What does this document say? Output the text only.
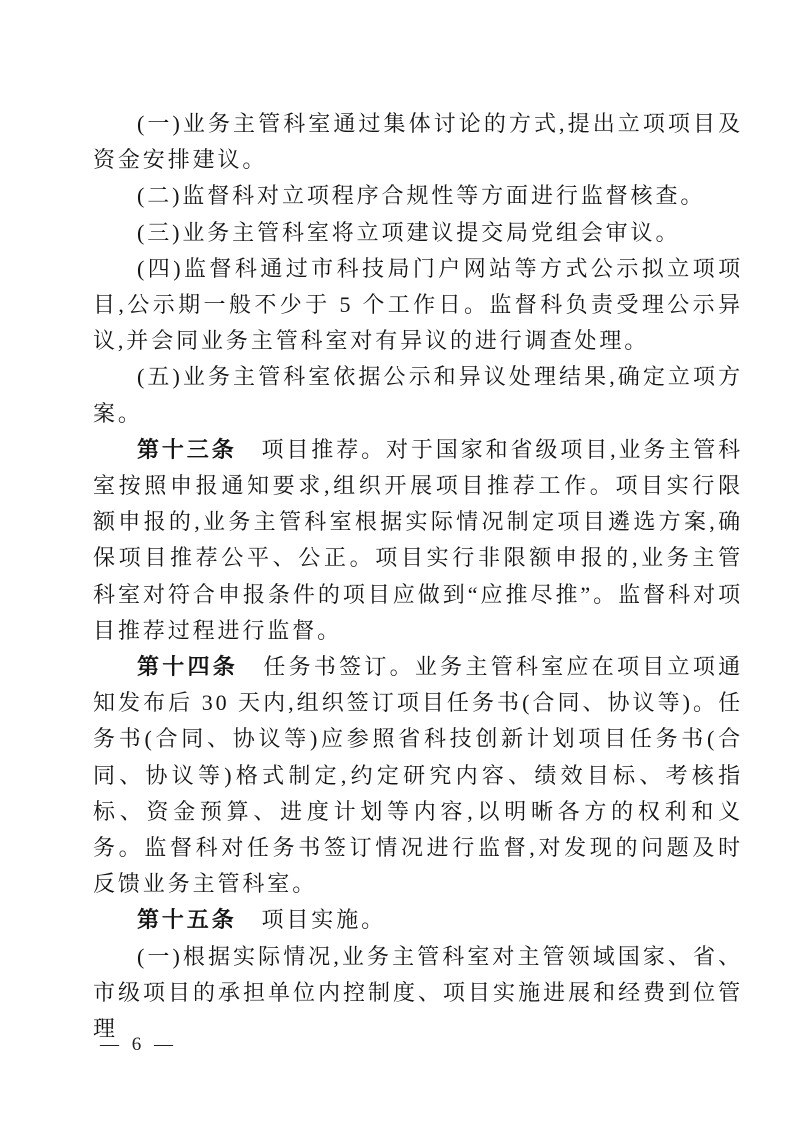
(一)业务主管科室通过集体讨论的方式,提出立项项目及资金安排建议。

(二)监督科对立项程序合规性等方面进行监督核查。

(三)业务主管科室将立项建议提交局党组会审议。

(四)监督科通过市科技局门户网站等方式公示拟立项项目,公示期一般不少于 5 个工作日。监督科负责受理公示异议,并会同业务主管科室对有异议的进行调查处理。

(五)业务主管科室依据公示和异议处理结果,确定立项方案。

第十三条　项目推荐。对于国家和省级项目,业务主管科室按照申报通知要求,组织开展项目推荐工作。项目实行限额申报的,业务主管科室根据实际情况制定项目遴选方案,确保项目推荐公平、公正。项目实行非限额申报的,业务主管科室对符合申报条件的项目应做到“应推尽推”。监督科对项目推荐过程进行监督。

第十四条　任务书签订。业务主管科室应在项目立项通知发布后 30 天内,组织签订项目任务书(合同、协议等)。任务书(合同、协议等)应参照省科技创新计划项目任务书(合同、协议等)格式制定,约定研究内容、绩效目标、考核指标、资金预算、进度计划等内容,以明晰各方的权利和义务。监督科对任务书签订情况进行监督,对发现的问题及时反馈业务主管科室。

第十五条　项目实施。

(一)根据实际情况,业务主管科室对主管领域国家、省、市级项目的承担单位内控制度、项目实施进展和经费到位管理

— 6 —
